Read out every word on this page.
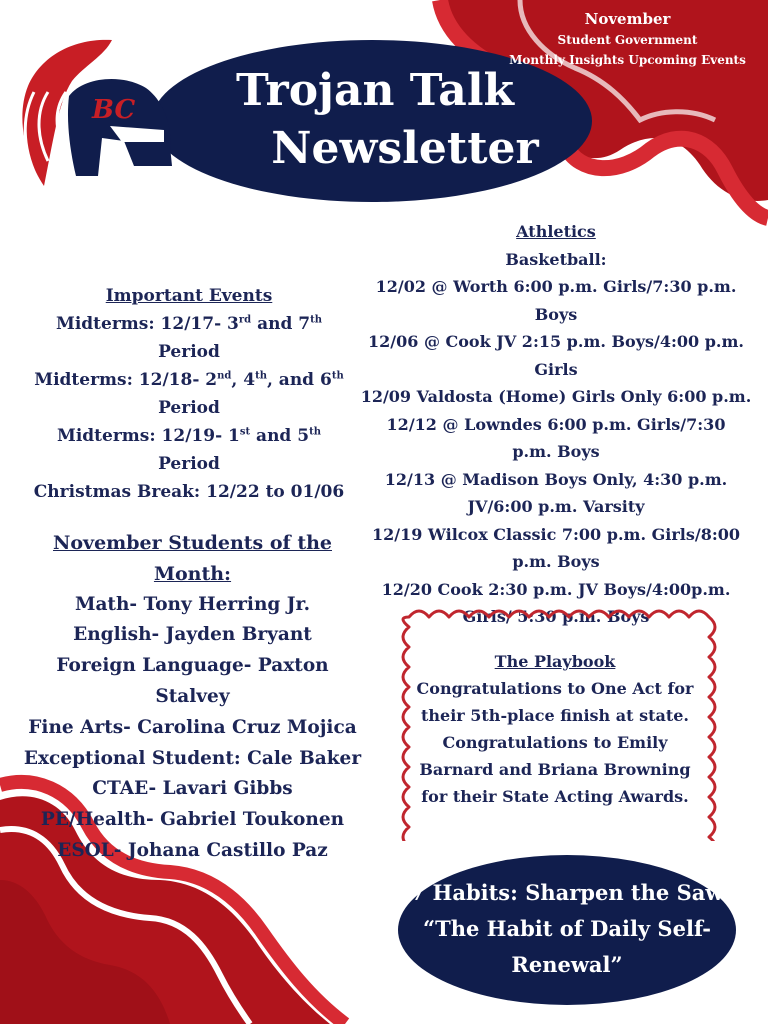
BC	Trojan Talk
Newsletter
November
Student Government
Monthly Insights Upcoming Events
Important Events
Midterms: 12/17- 3rd and 7th Period
Midterms: 12/18- 2nd, 4th, and 6th Period
Midterms: 12/19- 1st and 5th Period
Christmas Break: 12/22 to 01/06
Athletics
Basketball:
12/02 @ Worth 6:00 p.m. Girls/7:30 p.m. Boys
12/06 @ Cook JV 2:15 p.m. Boys/4:00 p.m. Girls
12/09 Valdosta (Home) Girls Only 6:00 p.m.
12/12 @ Lowndes 6:00 p.m. Girls/7:30 p.m. Boys
12/13 @ Madison Boys Only, 4:30 p.m. JV/6:00 p.m. Varsity
12/19 Wilcox Classic 7:00 p.m. Girls/8:00 p.m. Boys
12/20 Cook 2:30 p.m. JV Boys/4:00p.m. Girls/ 5:30 p.m. Boys
November Students of the Month:
Math- Tony Herring Jr.
English- Jayden Bryant
Foreign Language- Paxton Stalvey
Fine Arts- Carolina Cruz Mojica
Exceptional Student: Cale Baker
CTAE- Lavari Gibbs
PE/Health- Gabriel Toukonen
ESOL- Johana Castillo Paz
The Playbook
Congratulations to One Act for their 5th-place finish at state.
Congratulations to Emily Barnard and Briana Browning for their State Acting Awards.
7 Habits: Sharpen the Saw “The Habit of Daily Self-Renewal”
